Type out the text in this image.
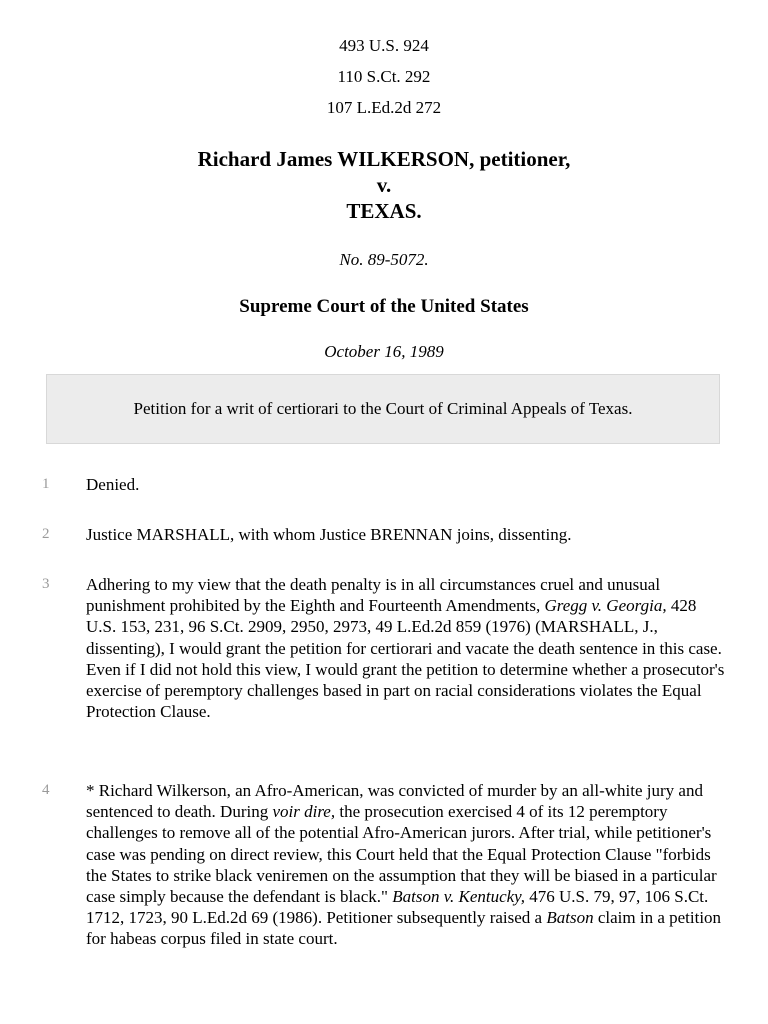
493 U.S. 924
110 S.Ct. 292
107 L.Ed.2d 272
Richard James WILKERSON, petitioner,
v.
TEXAS.
No. 89-5072.
Supreme Court of the United States
October 16, 1989
Petition for a writ of certiorari to the Court of Criminal Appeals of Texas.
1	Denied.
2	Justice MARSHALL, with whom Justice BRENNAN joins, dissenting.
3	Adhering to my view that the death penalty is in all circumstances cruel and unusual punishment prohibited by the Eighth and Fourteenth Amendments, Gregg v. Georgia, 428 U.S. 153, 231, 96 S.Ct. 2909, 2950, 2973, 49 L.Ed.2d 859 (1976) (MARSHALL, J., dissenting), I would grant the petition for certiorari and vacate the death sentence in this case. Even if I did not hold this view, I would grant the petition to determine whether a prosecutor's exercise of peremptory challenges based in part on racial considerations violates the Equal Protection Clause.
4	* Richard Wilkerson, an Afro-American, was convicted of murder by an all-white jury and sentenced to death. During voir dire, the prosecution exercised 4 of its 12 peremptory challenges to remove all of the potential Afro-American jurors. After trial, while petitioner's case was pending on direct review, this Court held that the Equal Protection Clause "forbids the States to strike black veniremen on the assumption that they will be biased in a particular case simply because the defendant is black." Batson v. Kentucky, 476 U.S. 79, 97, 106 S.Ct. 1712, 1723, 90 L.Ed.2d 69 (1986). Petitioner subsequently raised a Batson claim in a petition for habeas corpus filed in state court.
